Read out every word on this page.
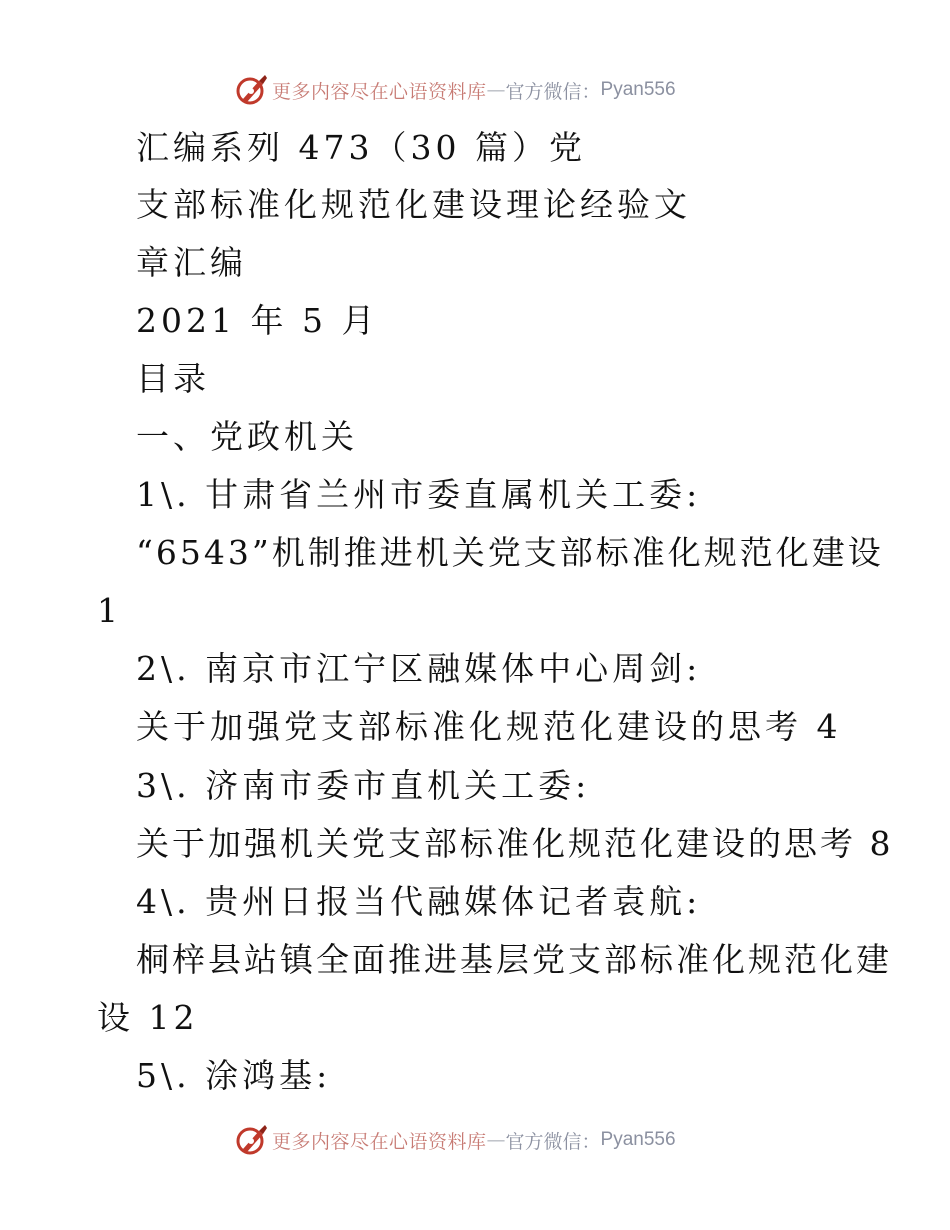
更多内容尽在心语资料库 — 官方微信： Pyan556
汇编系列 473（30 篇）党
支部标准化规范化建设理论经验文
章汇编
2021 年 5 月
目录
一、党政机关
1\. 甘肃省兰州市委直属机关工委:
“6543”机制推进机关党支部标准化规范化建设
1
2\. 南京市江宁区融媒体中心周剑:
关于加强党支部标准化规范化建设的思考 4
3\. 济南市委市直机关工委:
关于加强机关党支部标准化规范化建设的思考 8
4\. 贵州日报当代融媒体记者袁航:
桐梓县站镇全面推进基层党支部标准化规范化建
设 12
5\. 涂鸿基:
更多内容尽在心语资料库 — 官方微信： Pyan556
